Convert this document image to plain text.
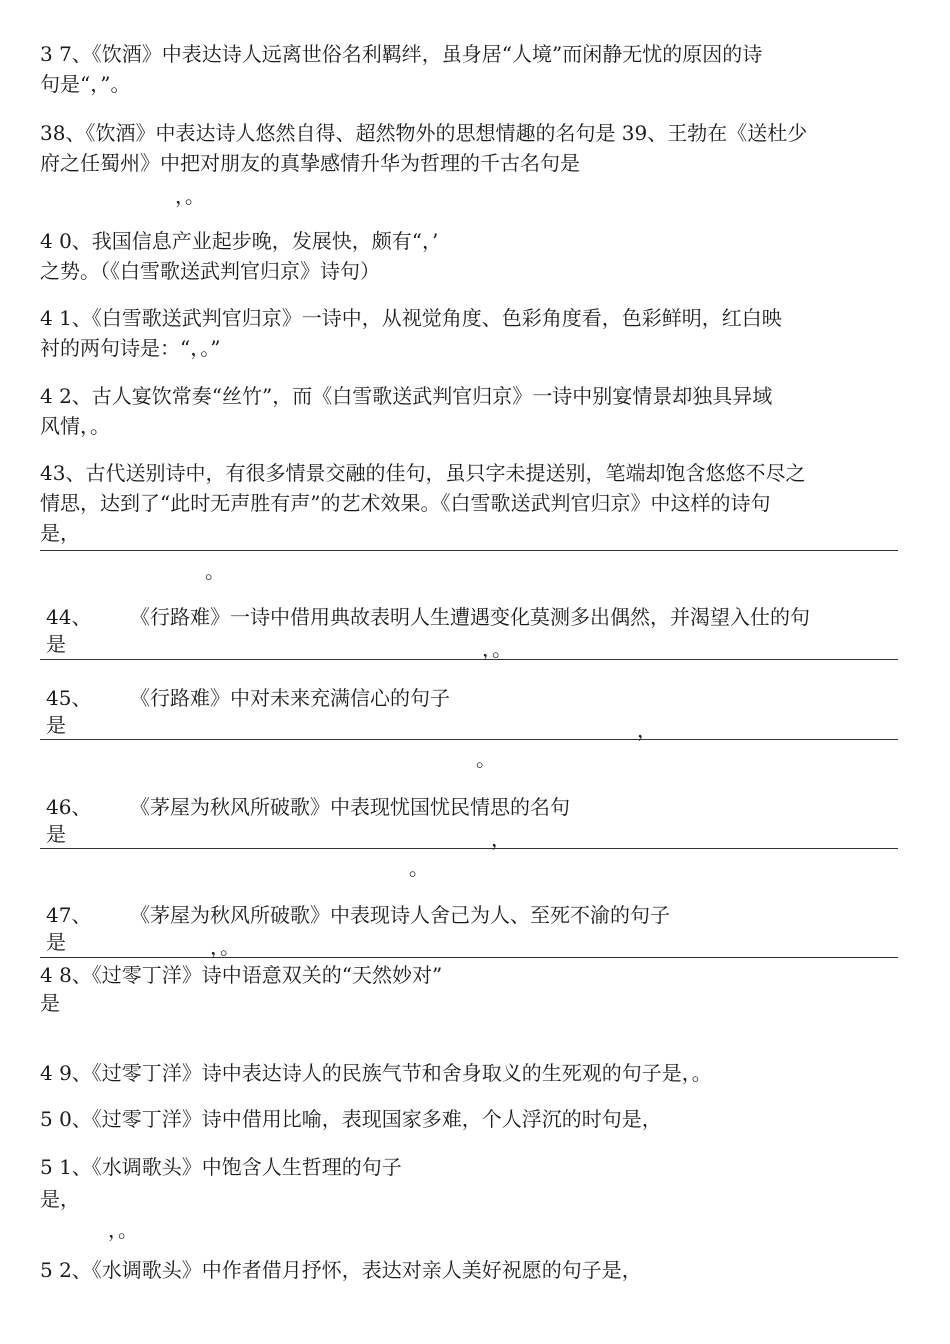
3 7、《饮酒》中表达诗人远离世俗名利羁绊，虽身居“人境”而闲静无忧的原因的诗
句是“，”。
38、《饮酒》中表达诗人悠然自得、超然物外的思想情趣的名句是 39、王勃在《送杜少
府之任蜀州》中把对朋友的真挚感情升华为哲理的千古名句是
，。
4 0、我国信息产业起步晚，发展快，颇有“，’
之势。（《白雪歌送武判官归京》诗句）
4 1、《白雪歌送武判官归京》一诗中，从视觉角度、色彩角度看，色彩鲜明，红白映
衬的两句诗是：“，。”
4 2、古人宴饮常奏“丝竹”，而《白雪歌送武判官归京》一诗中别宴情景却独具异域
风情，。
43、古代送别诗中，有很多情景交融的佳句，虽只字未提送别，笔端却饱含悠悠不尽之
情思，达到了“此时无声胜有声”的艺术效果。《白雪歌送武判官归京》中这样的诗句
是，
。
44、 《行路难》一诗中借用典故表明人生遭遇变化莫测多出偶然，并渴望入仕的句
是	，。
45、 《行路难》中对未来充满信心的句子
是	，
。
46、 《茅屋为秋风所破歌》中表现忧国忧民情思的名句
是	，
。
47、 《茅屋为秋风所破歌》中表现诗人舍己为人、至死不渝的句子
是	，。
4 8、《过零丁洋》诗中语意双关的“天然妙对”
是
4 9、《过零丁洋》诗中表达诗人的民族气节和舍身取义的生死观的句子是，。
5 0、《过零丁洋》诗中借用比喻，表现国家多难，个人浮沉的时句是，
5 1、《水调歌头》中饱含人生哲理的句子
是，
，。
5 2、《水调歌头》中作者借月抒怀，表达对亲人美好祝愿的句子是，
